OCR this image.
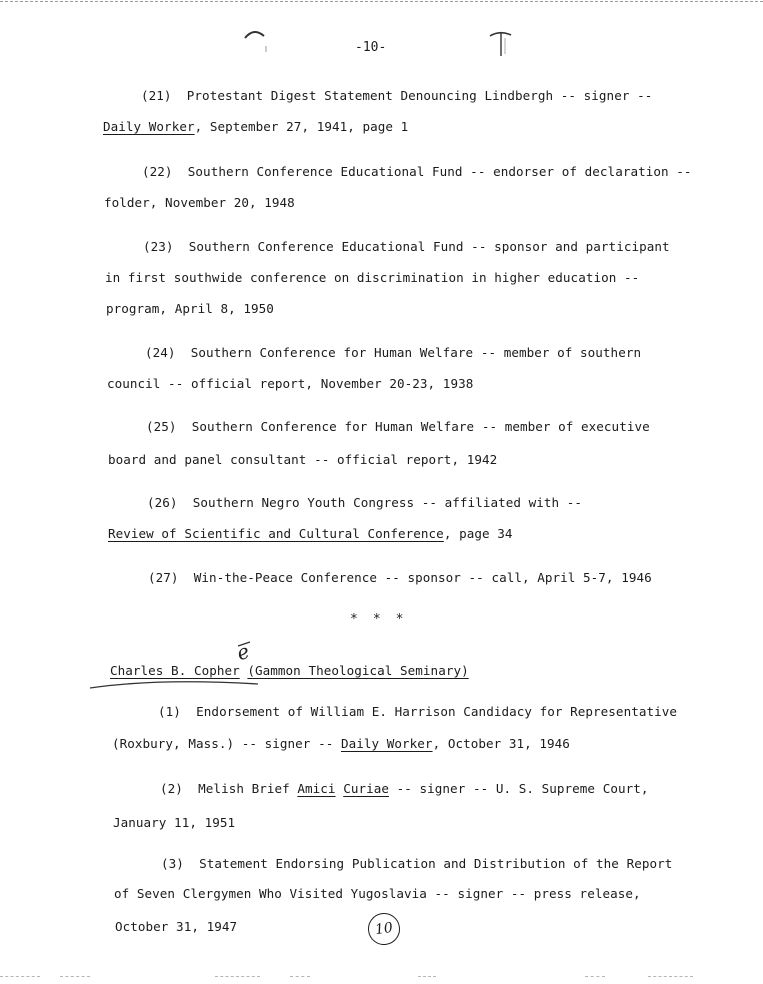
-10-
(21) Protestant Digest Statement Denouncing Lindbergh -- signer --
Daily Worker, September 27, 1941, page 1
(22) Southern Conference Educational Fund -- endorser of declaration --
folder, November 20, 1948
(23) Southern Conference Educational Fund -- sponsor and participant
in first southwide conference on discrimination in higher education --
program, April 8, 1950
(24) Southern Conference for Human Welfare -- member of southern
council -- official report, November 20-23, 1938
(25) Southern Conference for Human Welfare -- member of executive
board and panel consultant -- official report, 1942
(26) Southern Negro Youth Congress -- affiliated with --
Review of Scientific and Cultural Conference, page 34
(27) Win-the-Peace Conference -- sponsor -- call, April 5-7, 1946
* * *
Charles B. Copher (Gammon Theological Seminary)
e
(1) Endorsement of William E. Harrison Candidacy for Representative
(Roxbury, Mass.) -- signer -- Daily Worker, October 31, 1946
(2) Melish Brief Amici Curiae -- signer -- U. S. Supreme Court,
January 11, 1951
(3) Statement Endorsing Publication and Distribution of the Report
of Seven Clergymen Who Visited Yugoslavia -- signer -- press release,
October 31, 1947	10
